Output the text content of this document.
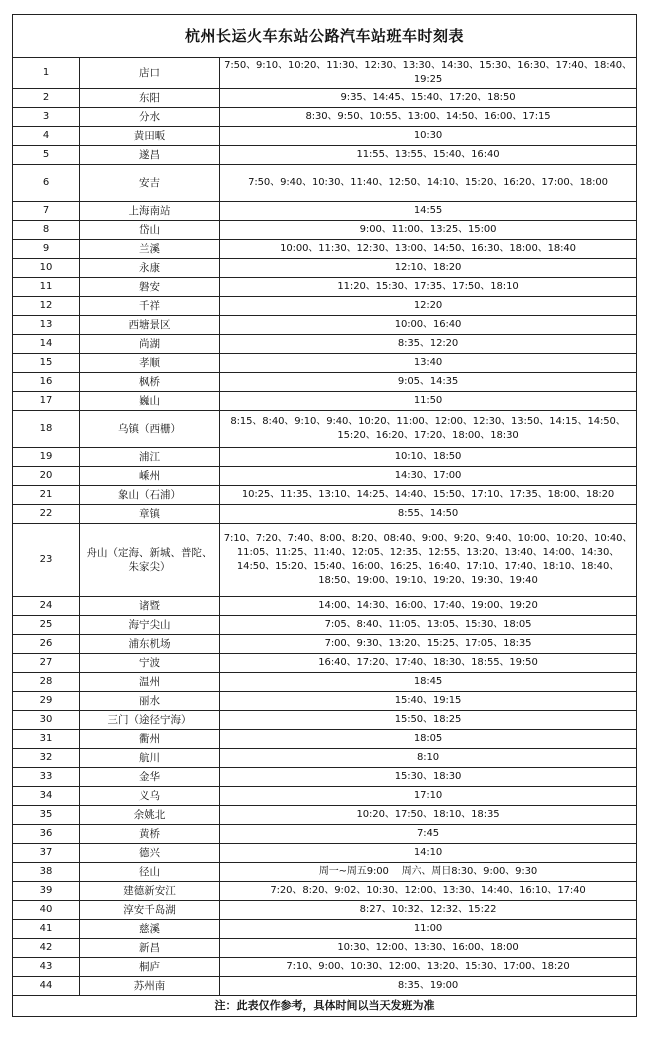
杭州长运火车东站公路汽车站班车时刻表		
1	店口	7:50、9:10、10:20、11:30、12:30、13:30、14:30、15:30、16:30、17:40、18:40、19:25
2	东阳	9:35、14:45、15:40、17:20、18:50
3	分水	8:30、9:50、10:55、13:00、14:50、16:00、17:15
4	黄田畈	10:30
5	遂昌	11:55、13:55、15:40、16:40
6	安吉	7:50、9:40、10:30、11:40、12:50、14:10、15:20、16:20、17:00、18:00
7	上海南站	14:55
8	岱山	9:00、11:00、13:25、15:00
9	兰溪	10:00、11:30、12:30、13:00、14:50、16:30、18:00、18:40
10	永康	12:10、18:20
11	磐安	11:20、15:30、17:35、17:50、18:10
12	千祥	12:20
13	西塘景区	10:00、16:40
14	尚湖	8:35、12:20
15	孝顺	13:40
16	枫桥	9:05、14:35
17	巍山	11:50
18	乌镇（西栅）	8:15、8:40、9:10、9:40、10:20、11:00、12:00、12:30、13:50、14:15、14:50、15:20、16:20、17:20、18:00、18:30
19	浦江	10:10、18:50
20	嵊州	14:30、17:00
21	象山（石浦）	10:25、11:35、13:10、14:25、14:40、15:50、17:10、17:35、18:00、18:20
22	章镇	8:55、14:50
23	舟山（定海、新城、普陀、朱家尖）	7:10、7:20、7:40、8:00、8:20、08:40、9:00、9:20、9:40、10:00、10:20、10:40、11:05、11:25、11:40、12:05、12:35、12:55、13:20、13:40、14:00、14:30、14:50、15:20、15:40、16:00、16:25、16:40、17:10、17:40、18:10、18:40、18:50、19:00、19:10、19:20、19:30、19:40
24	诸暨	14:00、14:30、16:00、17:40、19:00、19:20
25	海宁尖山	7:05、8:40、11:05、13:05、15:30、18:05
26	浦东机场	7:00、9:30、13:20、15:25、17:05、18:35
27	宁波	16:40、17:20、17:40、18:30、18:55、19:50
28	温州	18:45
29	丽水	15:40、19:15
30	三门（途径宁海）	15:50、18:25
31	衢州	18:05
32	航川	8:10
33	金华	15:30、18:30
34	义乌	17:10
35	余姚北	10:20、17:50、18:10、18:35
36	黄桥	7:45
37	德兴	14:10
38	径山	周一~周五9:00　 周六、周日8:30、9:00、9:30
39	建德新安江	7:20、8:20、9:02、10:30、12:00、13:30、14:40、16:10、17:40
40	淳安千岛湖	8:27、10:32、12:32、15:22
41	慈溪	11:00
42	新昌	10:30、12:00、13:30、16:00、18:00
43	桐庐	7:10、9:00、10:30、12:00、13:20、15:30、17:00、18:20
44	苏州南	8:35、19:00
注：此表仅作参考，具体时间以当天发班为准		
